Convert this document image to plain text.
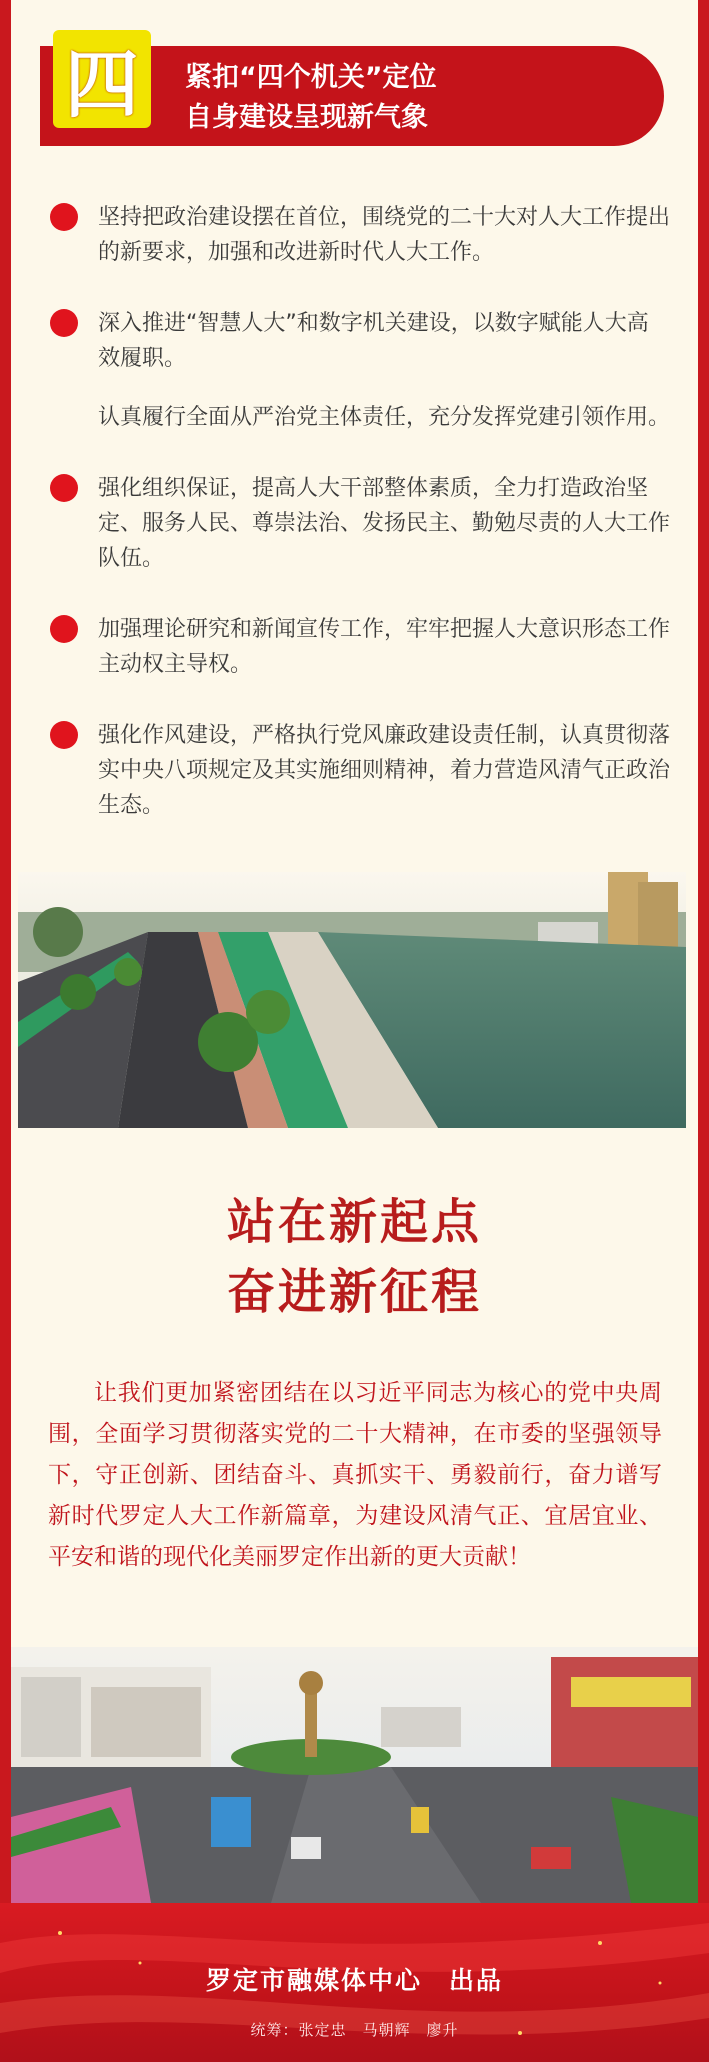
四 紧扣“四个机关”定位
自身建设呈现新气象
坚持把政治建设摆在首位，围绕党的二十大对人大工作提出的新要求，加强和改进新时代人大工作。
深入推进“智慧人大”和数字机关建设，以数字赋能人大高效履职。
认真履行全面从严治党主体责任，充分发挥党建引领作用。
强化组织保证，提高人大干部整体素质，全力打造政治坚定、服务人民、尊崇法治、发扬民主、勤勉尽责的人大工作队伍。
加强理论研究和新闻宣传工作，牢牢把握人大意识形态工作主动权主导权。
强化作风建设，严格执行党风廉政建设责任制，认真贯彻落实中央八项规定及其实施细则精神，着力营造风清气正政治生态。
站在新起点
奋进新征程
让我们更加紧密团结在以习近平同志为核心的党中央周围，全面学习贯彻落实党的二十大精神，在市委的坚强领导下，守正创新、团结奋斗、真抓实干、勇毅前行，奋力谱写新时代罗定人大工作新篇章，为建设风清气正、宜居宜业、平安和谐的现代化美丽罗定作出新的更大贡献！
罗定市融媒体中心　出品
统筹：张定忠　马朝辉　廖升
